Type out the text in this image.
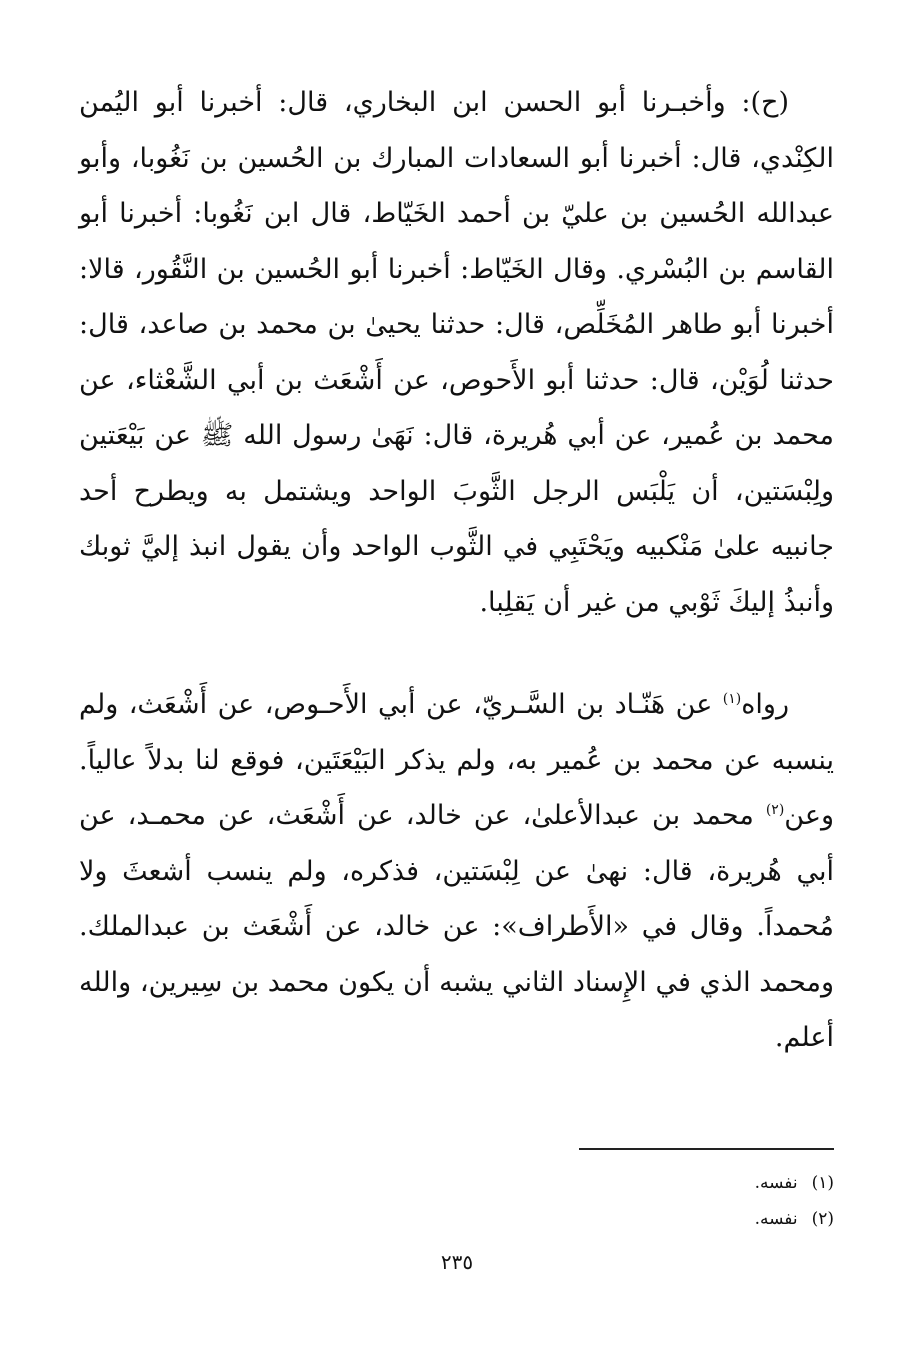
(ح): وأخبـرنا أبو الحسن ابن البخاري، قال: أخبرنا أبو اليُمن الكِنْدي، قال: أخبرنا أبو السعادات المبارك بن الحُسين بن نَغُوبا، وأبو عبدالله الحُسين بن عليّ بن أحمد الخَيّاط، قال ابن نَغُوبا: أخبرنا أبو القاسم بن البُسْري. وقال الخَيّاط: أخبرنا أبو الحُسين بن النَّقُور، قالا: أخبرنا أبو طاهر المُخَلِّص، قال: حدثنا يحيىٰ بن محمد بن صاعد، قال: حدثنا لُوَيْن، قال: حدثنا أبو الأَحوص، عن أَشْعَث بن أبي الشَّعْثاء، عن محمد بن عُمير، عن أبي هُريرة، قال: نَهَىٰ رسول الله ﷺ عن بَيْعَتين ولِبْسَتين، أن يَلْبَس الرجل الثَّوبَ الواحد ويشتمل به ويطرح أحد جانبيه علىٰ مَنْكبيه ويَحْتَبِي في الثَّوب الواحد وأن يقول انبذ إليَّ ثوبك وأنبذُ إليكَ ثَوْبي من غير أن يَقلِبا.

رواه$^{(١)}$ عن هَنّـاد بن السَّـريّ، عن أبي الأَحـوص، عن أَشْعَث، ولم ينسبه عن محمد بن عُمير به، ولم يذكر البَيْعَتَين، فوقع لنا بدلاً عالياً. وعن$^{(٢)}$ محمد بن عبدالأعلىٰ، عن خالد، عن أَشْعَث، عن محمـد، عن أبي هُريرة، قال: نهىٰ عن لِبْسَتين، فذكره، ولم ينسب أشعثَ ولا مُحمداً. وقال في «الأَطراف»: عن خالد، عن أَشْعَث بن عبدالملك. ومحمد الذي في الإِسناد الثاني يشبه أن يكون محمد بن سِيرين، والله أعلم.

(١)نفسه.
(٢)نفسه.
٢٣٥
